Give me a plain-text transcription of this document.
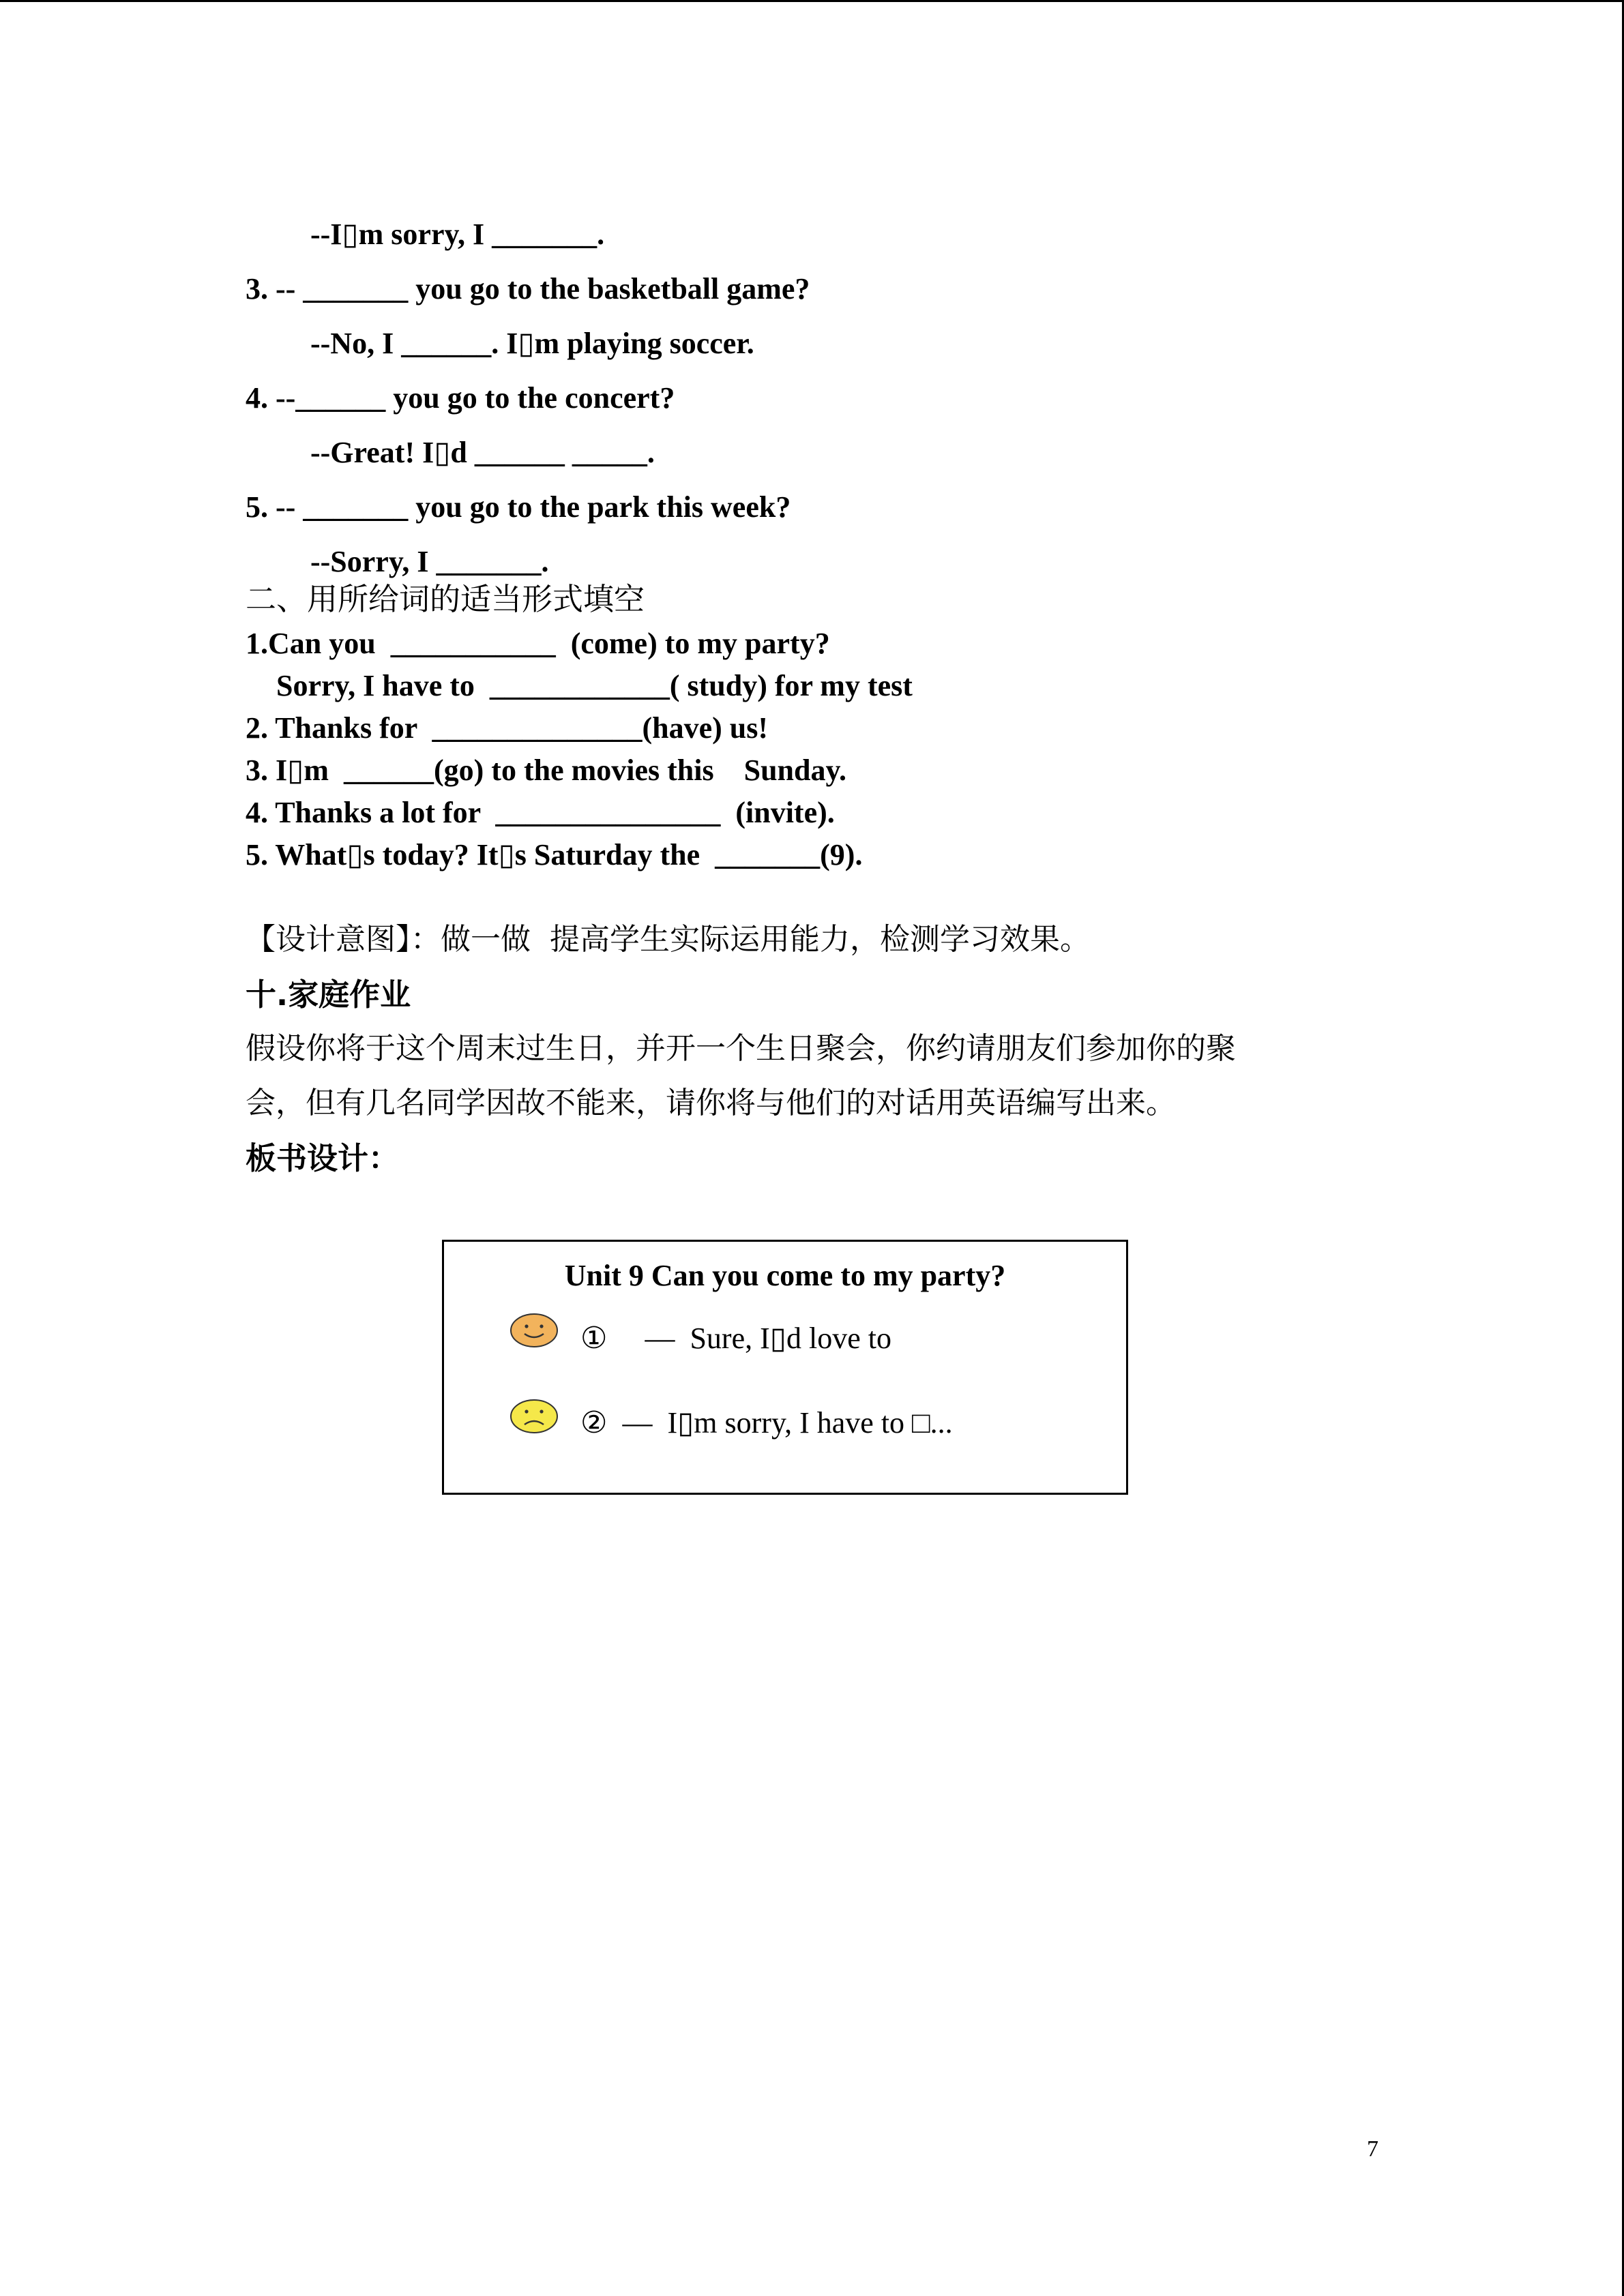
--I▯m sorry, I _______.
3. -- _______ you go to the basketball game?
--No, I ______. I▯m playing soccer.
4. --______ you go to the concert?
--Great! I▯d ______ _____.
5. -- _______ you go to the park this week?
--Sorry, I _______.
二、用所给词的适当形式填空
1.Can you  ___________  (come) to my party?
Sorry, I have to  ____________( study) for my test
2. Thanks for  ______________(have) us!
3. I▯m  ______(go) to the movies this    Sunday.
4. Thanks a lot for  _______________  (invite).
5. What▯s today? It▯s Saturday the  _______(9).
【设计意图】：做一做  提高学生实际运用能力，检测学习效果。
十.家庭作业
假设你将于这个周末过生日，并开一个生日聚会，你约请朋友们参加你的聚
会，但有几名同学因故不能来，请你将与他们的对话用英语编写出来。
板书设计：
Unit 9 Can you come to my party?
①     —  Sure, I▯d love to
②  —  I▯m sorry, I have to □...
7
